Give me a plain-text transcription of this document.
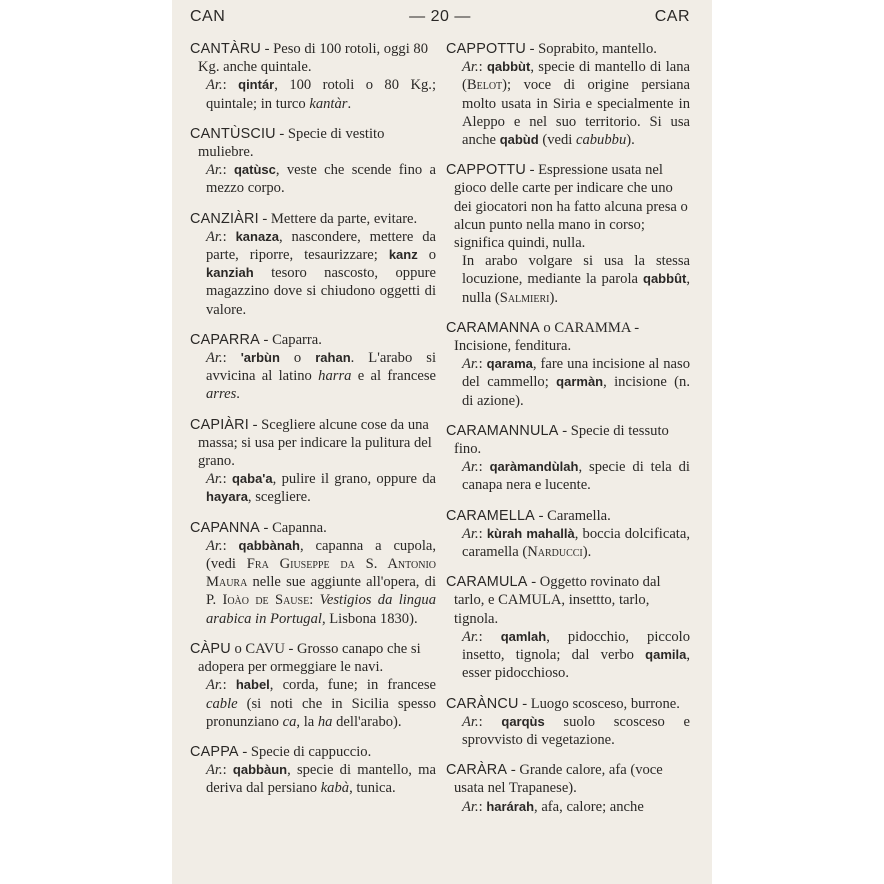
CAN	— 20 —	CAR
CANTÀRU - Peso di 100 rotoli, oggi 80 Kg. anche quintale.
Ar.: qintár, 100 rotoli o 80 Kg.; quintale; in turco kantàr.
CANTÙSCIU - Specie di vestito muliebre.
Ar.: qatùsc, veste che scende fino a mezzo corpo.
CANZIÀRI - Mettere da parte, evitare.
Ar.: kanaza, nascondere, mettere da parte, riporre, tesaurizzare; kanz o kanziah tesoro nascosto, oppure magazzino dove si chiudono oggetti di valore.
CAPARRA - Caparra.
Ar.: 'arbùn o rahan. L'arabo si avvicina al latino harra e al francese arres.
CAPIÀRI - Scegliere alcune cose da una massa; si usa per indicare la pulitura del grano.
Ar.: qaba'a, pulire il grano, oppure da hayara, scegliere.
CAPANNA - Capanna.
Ar.: qabbànah, capanna a cupola, (vedi Fra Giuseppe da S. Antonio Maura nelle sue aggiunte all'opera, di P. Ioào de Sause: Vestigios da lingua arabica in Portugal, Lisbona 1830).
CÀPU o CAVU - Grosso canapo che si adopera per ormeggiare le navi.
Ar.: habel, corda, fune; in francese cable (si noti che in Sicilia spesso pronunziano ca, la ha dell'arabo).
CAPPA - Specie di cappuccio.
Ar.: qabbàun, specie di mantello, ma deriva dal persiano kabà, tunica.
CAPPOTTU - Soprabito, mantello.
Ar.: qabbùt, specie di mantello di lana (Belot); voce di origine persiana molto usata in Siria e specialmente in Aleppo e nel suo territorio. Si usa anche qabùd (vedi cabubbu).
CAPPOTTU - Espressione usata nel gioco delle carte per indicare che uno dei giocatori non ha fatto alcuna presa o alcun punto nella mano in corso; significa quindi, nulla.
In arabo volgare si usa la stessa locuzione, mediante la parola qabbût, nulla (Salmieri).
CARAMANNA o CARAMMA - Incisione, fenditura.
Ar.: qarama, fare una incisione al naso del cammello; qarmàn, incisione (n. di azione).
CARAMANNULA - Specie di tessuto fino.
Ar.: qaràmandùlah, specie di tela di canapa nera e lucente.
CARAMELLA - Caramella.
Ar.: kùrah mahallà, boccia dolcificata, caramella (Narducci).
CARAMULA - Oggetto rovinato dal tarlo, e CAMULA, insettto, tarlo, tignola.
Ar.: qamlah, pidocchio, piccolo insetto, tignola; dal verbo qamila, esser pidocchioso.
CARÀNCU - Luogo scosceso, burrone.
Ar.: qarqùs suolo scosceso e sprovvisto di vegetazione.
CARÀRA - Grande calore, afa (voce usata nel Trapanese).
Ar.: harárah, afa, calore; anche
